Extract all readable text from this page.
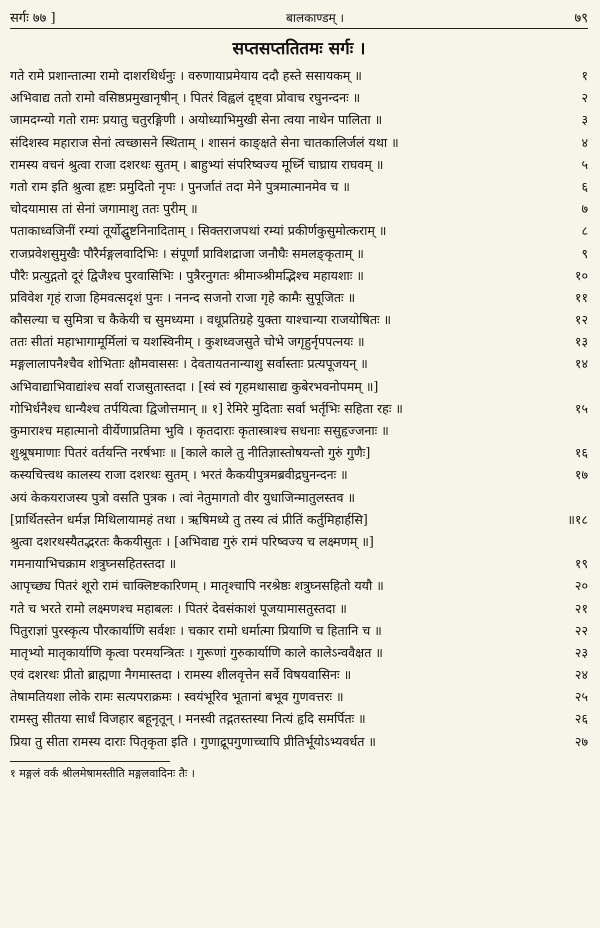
सर्गः ७७ ]	बालकाण्डम् ।	७९
सप्तसप्ततितमः सर्गः ।
गते रामे प्रशान्तात्मा रामो दाशरथिर्धनुः । वरुणायाप्रमेयाय ददौ हस्ते ससायकम् ॥	१
अभिवाद्य ततो रामो वसिष्ठप्रमुखानृषीन् । पितरं विह्वलं दृष्ट्वा प्रोवाच रघुनन्दनः ॥	२
जामदग्न्यो गतो रामः प्रयातु चतुरङ्गिणी । अयोध्याभिमुखी सेना त्वया नाथेन पालिता ॥	३
संदिशस्व महाराज सेनां त्वच्छासने स्थिताम् । शासनं काङ्क्षते सेना चातकालिर्जलं यथा ॥	४
रामस्य वचनं श्रुत्वा राजा दशरथः सुतम् । बाहुभ्यां संपरिष्वज्य मूर्ध्नि चाघ्राय राघवम् ॥	५
गतो राम इति श्रुत्वा हृष्टः प्रमुदितो नृपः । पुनर्जातं तदा मेने पुत्रमात्मानमेव च ॥	६
चोदयामास तां सेनां जगामाशु ततः पुरीम् ॥	७
पताकाध्वजिनीं रम्यां तूर्योद्घुष्टनिनादिताम् । सिक्तराजपथां रम्यां प्रकीर्णकुसुमोत्कराम् ॥	८
राजप्रवेशसुमुखैः पौरैर्मङ्गलवादिभिः । संपूर्णां प्राविशद्राजा जनौघैः समलङ्कृताम् ॥	९
पौरैः प्रत्युद्गतो दूरं द्विजैश्च पुरवासिभिः । पुत्रैरनुगतः श्रीमाञ्श्रीमद्भिश्च महायशाः ॥	१०
प्रविवेश गृहं राजा हिमवत्सदृशं पुनः । ननन्द सजनो राजा गृहे कामैः सुपूजितः ॥	११
कौसल्या च सुमित्रा च कैकेयी च सुमध्यमा । वधूप्रतिग्रहे युक्ता याश्चान्या राजयोषितः ॥	१२
ततः सीतां महाभागामूर्मिलां च यशस्विनीम् । कुशध्वजसुते चोभे जगृहुर्नृपपत्नयः ॥	१३
मङ्गलालापनैश्चैव शोभिताः क्षौमवाससः । देवतायतनान्याशु सर्वास्ताः प्रत्यपूजयन् ॥	१४
अभिवाद्याभिवाद्यांश्च सर्वा राजसुतास्तदा । [स्वं स्वं गृहमथासाद्य कुबेरभवनोपमम् ॥]
गोभिर्धनैश्च धान्यैश्च तर्पयित्वा द्विजोत्तमान् ॥ १] रेमिरे मुदिताः सर्वा भर्तृभिः सहिता रहः ॥	१५
कुमाराश्च महात्मानो वीर्येणाप्रतिमा भुवि । कृतदाराः कृतास्त्राश्च सधनाः ससुहृज्जनाः ॥
शुश्रूषमाणाः पितरं वर्तयन्ति नरर्षभाः ॥ [काले काले तु नीतिज्ञास्तोषयन्तो गुरुं गुणैः]	१६
कस्यचित्त्वथ कालस्य राजा दशरथः सुतम् । भरतं कैकयीपुत्रमब्रवीद्रघुनन्दनः ॥	१७
अयं केकयराजस्य पुत्रो वसति पुत्रक । त्वां नेतुमागतो वीर युधाजिन्मातुलस्तव ॥
[प्रार्थितस्तेन धर्मज्ञ मिथिलायामहं तथा । ऋषिमध्ये तु तस्य त्वं प्रीतिं कर्तुमिहार्हसि]	॥१८
श्रुत्वा दशरथस्यैतद्भरतः कैकयीसुतः । [अभिवाद्य गुरुं रामं परिष्वज्य च लक्ष्मणम् ॥]
गमनायाभिचक्राम शत्रुघ्नसहितस्तदा ॥	१९
आपृच्छ्य पितरं शूरो रामं चाक्लिष्टकारिणम् । मातृश्चापि नरश्रेष्ठः शत्रुघ्नसहितो ययौ ॥	२०
गते च भरते रामो लक्ष्मणश्च महाबलः । पितरं देवसंकाशं पूजयामासतुस्तदा ॥	२१
पितुराज्ञां पुरस्कृत्य पौरकार्याणि सर्वशः । चकार रामो धर्मात्मा प्रियाणि च हितानि च ॥	२२
मातृभ्यो मातृकार्याणि कृत्वा परमयन्त्रितः । गुरूणां गुरुकार्याणि काले कालेऽन्ववैक्षत ॥	२३
एवं दशरथः प्रीतो ब्राह्मणा नैगमास्तदा । रामस्य शीलवृत्तेन सर्वे विषयवासिनः ॥	२४
तेषामतियशा लोके रामः सत्यपराक्रमः । स्वयंभूरिव भूतानां बभूव गुणवत्तरः ॥	२५
रामस्तु सीतया सार्धं विजहार बहूनृतून् । मनस्वी तद्गतस्तस्या नित्यं हृदि समर्पितः ॥	२६
प्रिया तु सीता रामस्य दाराः पितृकृता इति । गुणाद्रूपगुणाच्चापि प्रीतिर्भूयोऽभ्यवर्धत ॥	२७
१ मङ्गलं वर्कं श्रीलमेषामस्तीति मङ्गलवादिनः तैः ।
